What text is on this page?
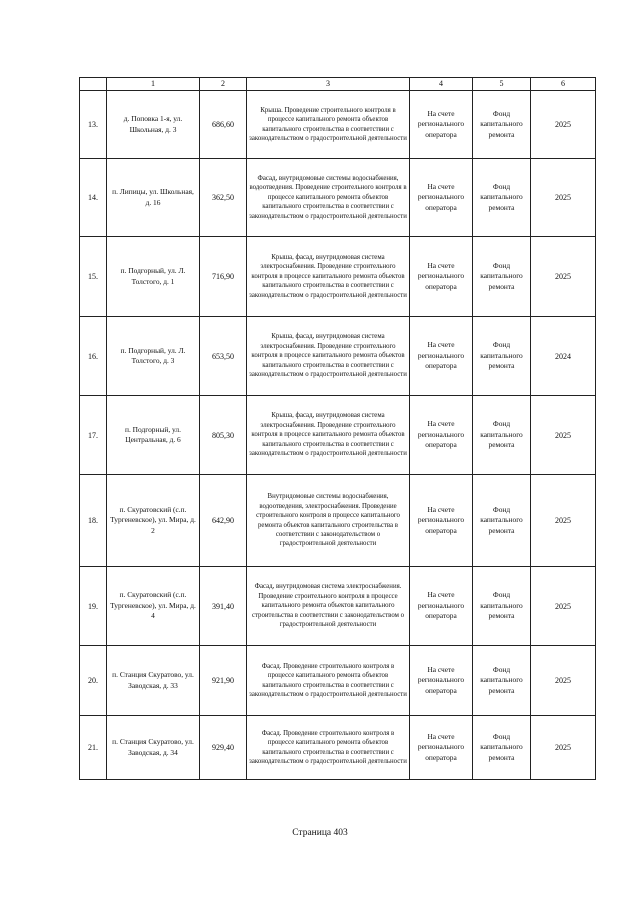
	1	2	3	4	5	6
13.	д. Поповка 1-я, ул. Школьная, д. 3	686,60	Крыша. Проведение строительного контроля в процессе капитального ремонта объектов капитального строительства в соответствии с законодательством о градостроительной деятельности	На счете регионального оператора	Фонд капитального ремонта	2025
14.	п. Липицы, ул. Школьная, д. 16	362,50	Фасад, внутридомовые системы водоснабжения, водоотведения. Проведение строительного контроля в процессе капитального ремонта объектов капитального строительства в соответствии с законодательством о градостроительной деятельности	На счете регионального оператора	Фонд капитального ремонта	2025
15.	п. Подгорный, ул. Л. Толстого, д. 1	716,90	Крыша, фасад, внутридомовая система электроснабжения. Проведение строительного контроля в процессе капитального ремонта объектов капитального строительства в соответствии с законодательством о градостроительной деятельности	На счете регионального оператора	Фонд капитального ремонта	2025
16.	п. Подгорный, ул. Л. Толстого, д. 3	653,50	Крыша, фасад, внутридомовая система электроснабжения. Проведение строительного контроля в процессе капитального ремонта объектов капитального строительства в соответствии с законодательством о градостроительной деятельности	На счете регионального оператора	Фонд капитального ремонта	2024
17.	п. Подгорный, ул. Центральная, д. 6	805,30	Крыша, фасад, внутридомовая система электроснабжения. Проведение строительного контроля в процессе капитального ремонта объектов капитального строительства в соответствии с законодательством о градостроительной деятельности	На счете регионального оператора	Фонд капитального ремонта	2025
18.	п. Скуратовский (с.п. Тургеневское), ул. Мира, д. 2	642,90	Внутридомовые системы водоснабжения, водоотведения, электроснабжения. Проведение строительного контроля в процессе капитального ремонта объектов капитального строительства в соответствии с законодательством о градостроительной деятельности	На счете регионального оператора	Фонд капитального ремонта	2025
19.	п. Скуратовский (с.п. Тургеневское), ул. Мира, д. 4	391,40	Фасад, внутридомовая система электроснабжения. Проведение строительного контроля в процессе капитального ремонта объектов капитального строительства в соответствии с законодательством о градостроительной деятельности	На счете регионального оператора	Фонд капитального ремонта	2025
20.	п. Станция Скуратово, ул. Заводская, д. 33	921,90	Фасад. Проведение строительного контроля в процессе капитального ремонта объектов капитального строительства в соответствии с законодательством о градостроительной деятельности	На счете регионального оператора	Фонд капитального ремонта	2025
21.	п. Станция Скуратово, ул. Заводская, д. 34	929,40	Фасад. Проведение строительного контроля в процессе капитального ремонта объектов капитального строительства в соответствии с законодательством о градостроительной деятельности	На счете регионального оператора	Фонд капитального ремонта	2025
Страница 403
